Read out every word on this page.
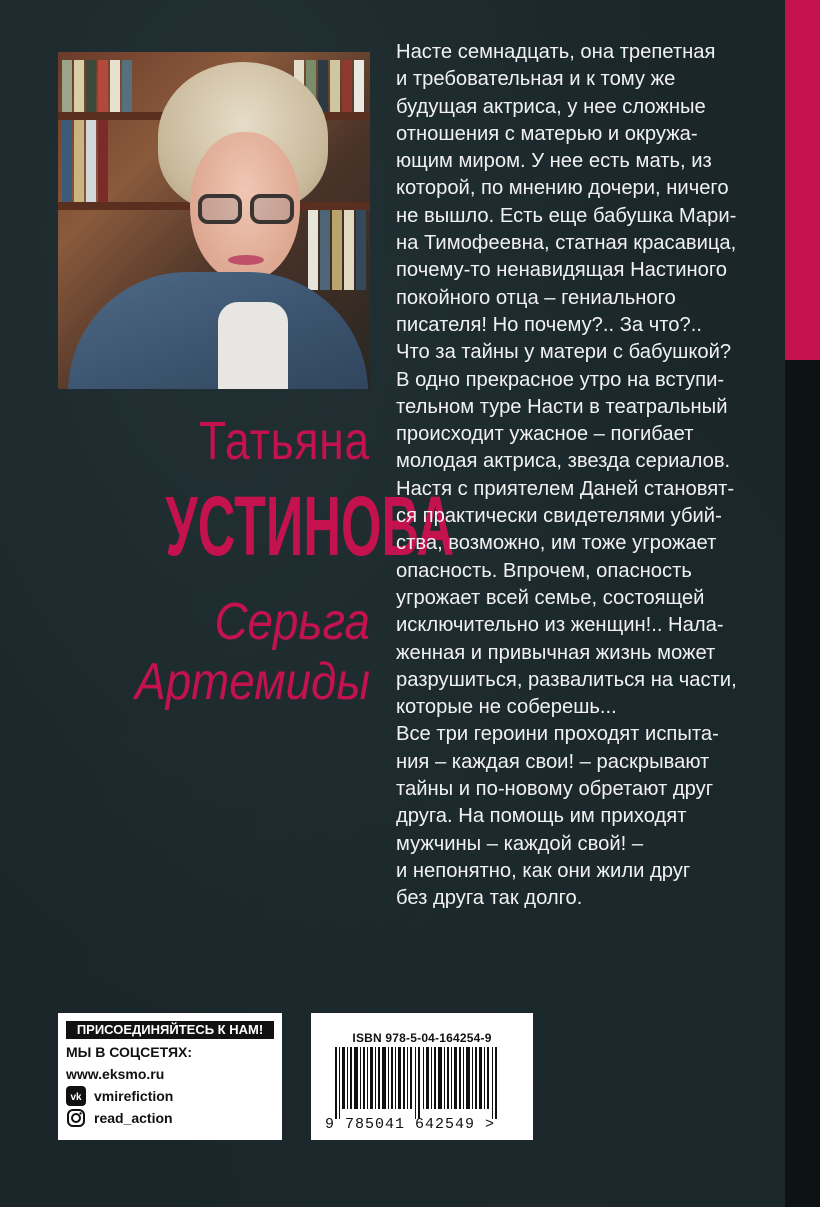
Татьяна
УСТИНОВА
Серьга
Артемиды
Насте семнадцать, она трепетная
и требовательная и к тому же
будущая актриса, у нее сложные
отношения с матерью и окружа-
ющим миром. У нее есть мать, из
которой, по мнению дочери, ничего
не вышло. Есть еще бабушка Мари-
на Тимофеевна, статная красавица,
почему-то ненавидящая Настиного
покойного отца – гениального
писателя! Но почему?.. За что?..
Что за тайны у матери с бабушкой?
В одно прекрасное утро на вступи-
тельном туре Насти в театральный
происходит ужасное – погибает
молодая актриса, звезда сериалов.
Настя с приятелем Даней становят-
ся практически свидетелями убий-
ства, возможно, им тоже угрожает
опасность. Впрочем, опасность
угрожает всей семье, состоящей
исключительно из женщин!.. Нала-
женная и привычная жизнь может
разрушиться, развалиться на части,
которые не соберешь...
Все три героини проходят испыта-
ния – каждая свои! – раскрывают
тайны и по-новому обретают друг
друга. На помощь им приходят
мужчины – каждой свой! –
и непонятно, как они жили друг
без друга так долго.
ПРИСОЕДИНЯЙТЕСЬ К НАМ!
МЫ В СОЦСЕТЯХ:
www.eksmo.ru
vk vmirefiction
read_action
ISBN 978-5-04-164254-9
9 785041 642549 >
